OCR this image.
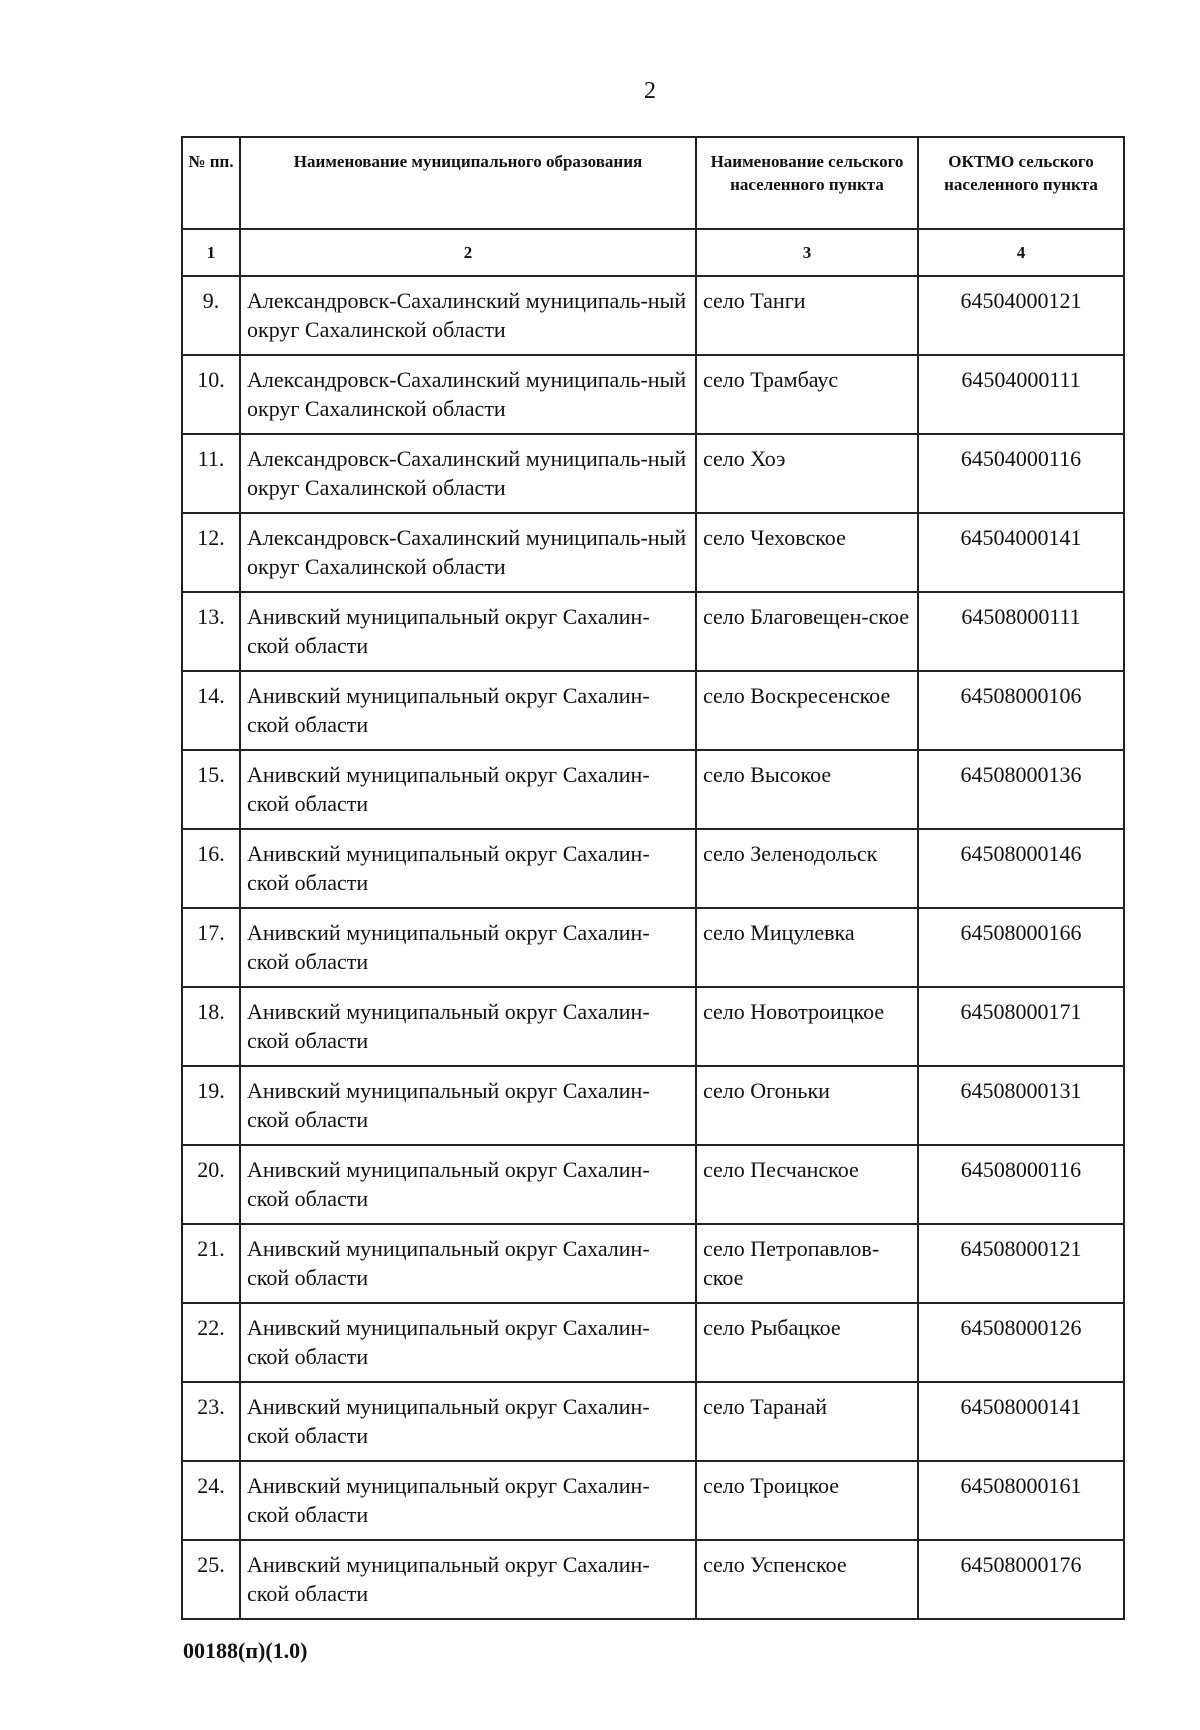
2
№ пп.	Наименование муниципального образования	Наименование сельского населенного пункта	ОКТМО сельского населенного пункта
1	2	3	4
9.	Александровск-Сахалинский муниципаль-ный округ Сахалинской области	село Танги	64504000121
10.	Александровск-Сахалинский муниципаль-ный округ Сахалинской области	село Трамбаус	64504000111
11.	Александровск-Сахалинский муниципаль-ный округ Сахалинской области	село Хоэ	64504000116
12.	Александровск-Сахалинский муниципаль-ный округ Сахалинской области	село Чеховское	64504000141
13.	Анивский муниципальный округ Сахалин-ской области	село Благовещен-ское	64508000111
14.	Анивский муниципальный округ Сахалин-ской области	село Воскресенское	64508000106
15.	Анивский муниципальный округ Сахалин-ской области	село Высокое	64508000136
16.	Анивский муниципальный округ Сахалин-ской области	село Зеленодольск	64508000146
17.	Анивский муниципальный округ Сахалин-ской области	село Мицулевка	64508000166
18.	Анивский муниципальный округ Сахалин-ской области	село Новотроицкое	64508000171
19.	Анивский муниципальный округ Сахалин-ской области	село Огоньки	64508000131
20.	Анивский муниципальный округ Сахалин-ской области	село Песчанское	64508000116
21.	Анивский муниципальный округ Сахалин-ской области	село Петропавлов-ское	64508000121
22.	Анивский муниципальный округ Сахалин-ской области	село Рыбацкое	64508000126
23.	Анивский муниципальный округ Сахалин-ской области	село Таранай	64508000141
24.	Анивский муниципальный округ Сахалин-ской области	село Троицкое	64508000161
25.	Анивский муниципальный округ Сахалин-ской области	село Успенское	64508000176
00188(п)(1.0)
